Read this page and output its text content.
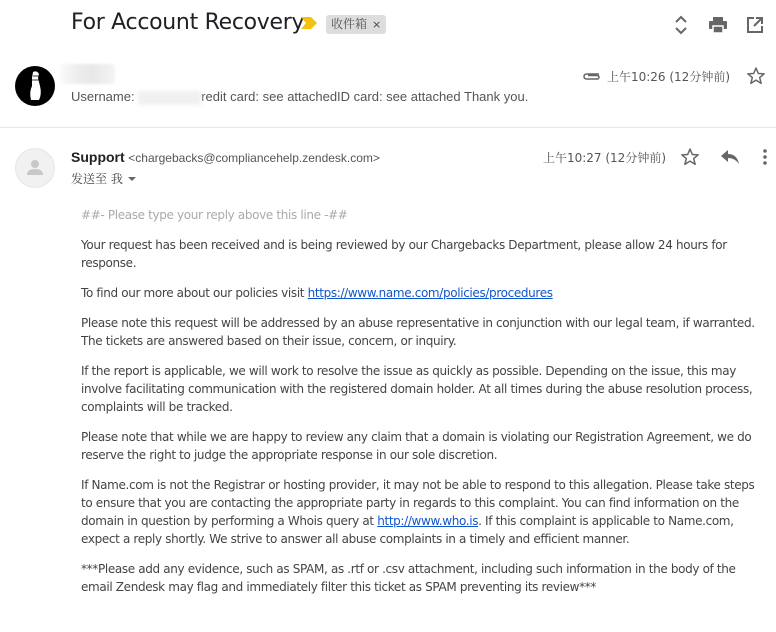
For Account Recovery 收件箱 ×
Username:	redit card: see attachedID card: see attached Thank you.
上午10:26 (12分钟前)
Support <chargebacks@compliancehelp.zendesk.com>
发送至 我
上午10:27 (12分钟前)

##- Please type your reply above this line -##

Your request has been received and is being reviewed by our Chargebacks Department, please allow 24 hours for response.

To find our more about our policies visit https://www.name.com/policies/procedures

Please note this request will be addressed by an abuse representative in conjunction with our legal team, if warranted. The tickets are answered based on their issue, concern, or inquiry.

If the report is applicable, we will work to resolve the issue as quickly as possible. Depending on the issue, this may involve facilitating communication with the registered domain holder. At all times during the abuse resolution process, complaints will be tracked.

Please note that while we are happy to review any claim that a domain is violating our Registration Agreement, we do reserve the right to judge the appropriate response in our sole discretion.

If Name.com is not the Registrar or hosting provider, it may not be able to respond to this allegation. Please take steps to ensure that you are contacting the appropriate party in regards to this complaint. You can find information on the domain in question by performing a Whois query at http://www.who.is. If this complaint is applicable to Name.com, expect a reply shortly. We strive to answer all abuse complaints in a timely and efficient manner.

***Please add any evidence, such as SPAM, as .rtf or .csv attachment, including such information in the body of the email Zendesk may flag and immediately filter this ticket as SPAM preventing its review***
